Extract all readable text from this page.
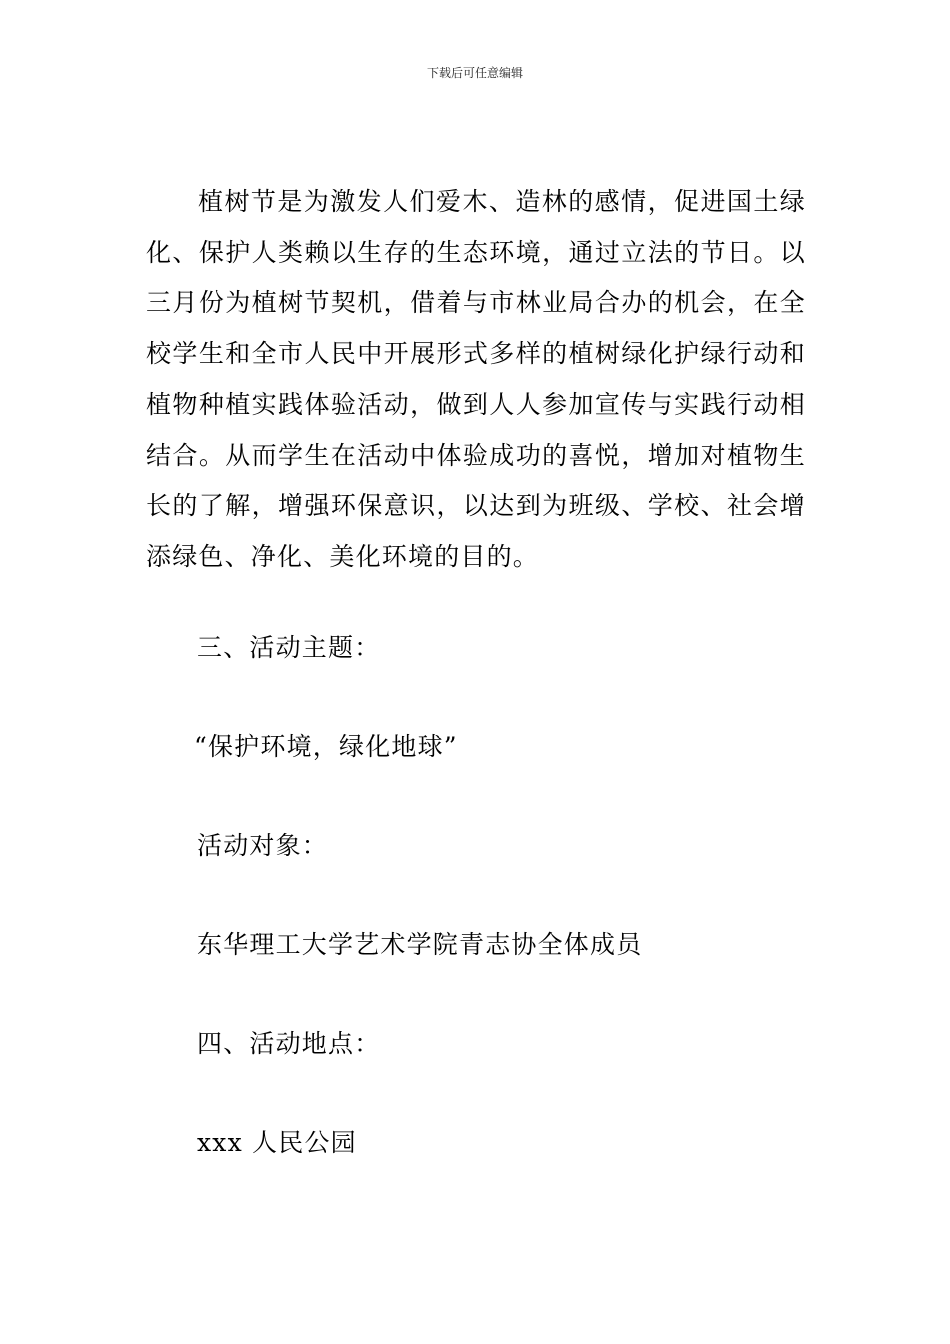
下载后可任意编辑
植树节是为激发人们爱木、造林的感情，促进国土绿化、保护人类赖以生存的生态环境，通过立法的节日。以三月份为植树节契机，借着与市林业局合办的机会，在全校学生和全市人民中开展形式多样的植树绿化护绿行动和植物种植实践体验活动，做到人人参加宣传与实践行动相结合。从而学生在活动中体验成功的喜悦，增加对植物生长的了解，增强环保意识，以达到为班级、学校、社会增添绿色、净化、美化环境的目的。
三、活动主题：
“保护环境，绿化地球”
活动对象：
东华理工大学艺术学院青志协全体成员
四、活动地点：
xxx 人民公园
